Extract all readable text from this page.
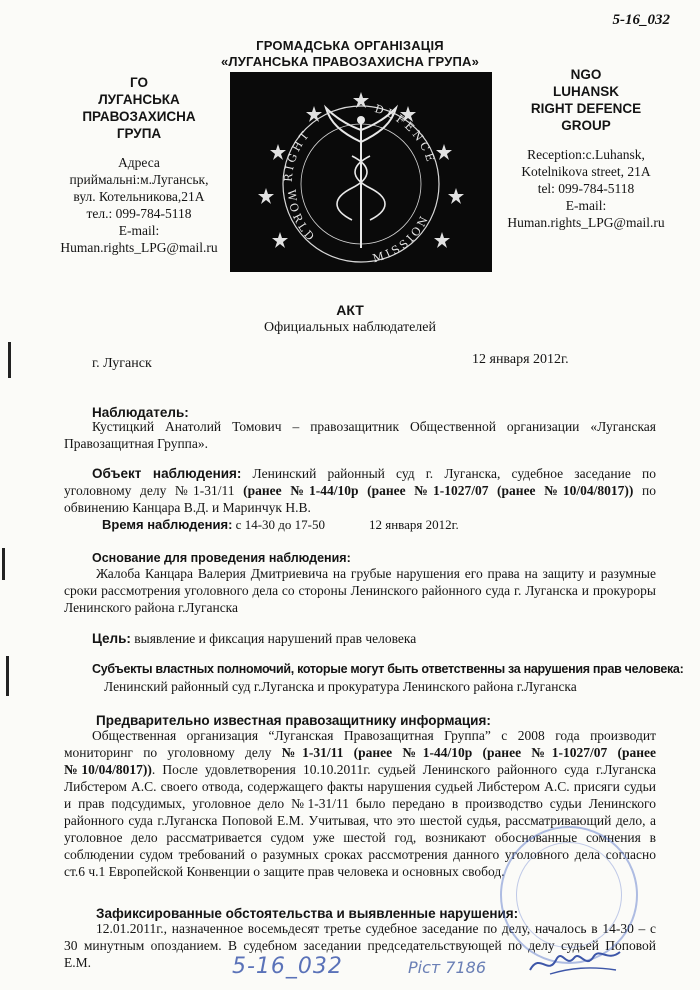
5-16_032
ГРОМАДСЬКА ОРГАНІЗАЦІЯ
«ЛУГАНСЬКА ПРАВОЗАХИСНА ГРУПА»
ГО
ЛУГАНСЬКА
ПРАВОЗАХИСНА
ГРУПА
Адреса
приймальні:м.Луганськ,
вул. Котельникова,21А
тел.: 099-784-5118
E-mail:
Human.rights_LPG@mail.ru
RIGHT
DEFENCE
WORLD
MISSION
NGO
LUHANSK
RIGHT DEFENCE
GROUP
Reception:c.Luhansk,
Kotelnikova street, 21A
tel: 099-784-5118
E-mail:
Human.rights_LPG@mail.ru
АКТ
Официальных наблюдателей
г. Луганск	12 января 2012г.
Наблюдатель:
Кустицкий Анатолий Томович – правозащитник Общественной организации «Луганская Правозащитная Группа».
Объект наблюдения: Ленинский районный суд г. Луганска, судебное заседание по уголовному делу №1-31/11 (ранее №1-44/10р (ранее №1-1027/07 (ранее №10/04/8017)) по обвинению Канцара В.Д. и Маринчук Н.В.
Время наблюдения: с 14-30 до 17-50	12 января 2012г.
Основание для проведения наблюдения:
Жалоба Канцара Валерия Дмитриевича на грубые нарушения его права на защиту и разумные сроки рассмотрения уголовного дела со стороны Ленинского районного суда г. Луганска и прокуроры Ленинского района г.Луганска
Цель: выявление и фиксация нарушений прав человека
Субъекты властных полномочий, которые могут быть ответственны за нарушения прав человека:
Ленинский районный суд г.Луганска и прокуратура Ленинского района г.Луганска
Предварительно известная правозащитнику информация:
Общественная организация “Луганская Правозащитная Группа” с 2008 года производит мониторинг по уголовному делу №1-31/11 (ранее №1-44/10р (ранее №1-1027/07 (ранее №10/04/8017)). После удовлетворения 10.10.2011г. судьей Ленинского районного суда г.Луганска Либстером А.С. своего отвода, содержащего факты нарушения судьей Либстером А.С. присяги судьи и прав подсудимых, уголовное дело №1-31/11 было передано в производство судьи Ленинского районного суда г.Луганска Поповой Е.М. Учитывая, что это шестой судья, рассматривающий дело, а уголовное дело рассматривается судом уже шестой год, возникают обоснованные сомнения в соблюдении судом требований о разумных сроках рассмотрения данного уголовного дела согласно ст.6 ч.1 Европейской Конвенции о защите прав человека и основных свобод.
Зафиксированные обстоятельства и выявленные нарушения:
12.01.2011г., назначенное восемьдесят третье судебное заседание по делу, началось в 14-30 – с 30 минутным опозданием. В судебном заседании председательствующей по делу судьей Поповой Е.М.	5-16_032	Ріст 7186
